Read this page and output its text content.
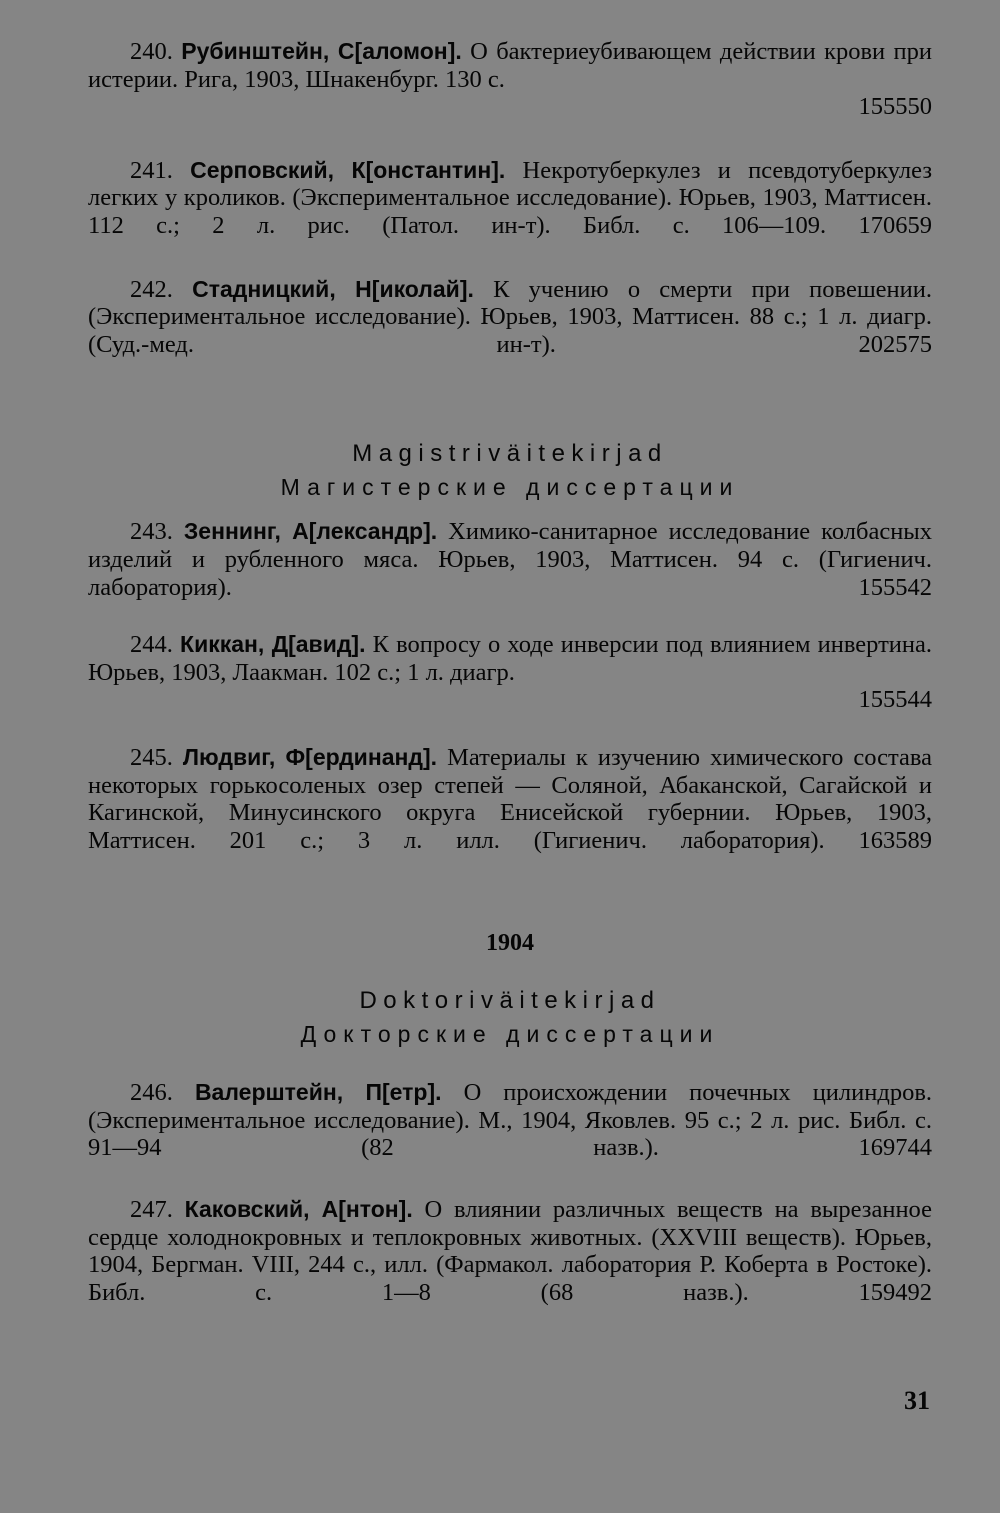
240. Рубинштейн, С[аломон]. О бактериеубивающем действии крови при истерии. Рига, 1903, Шнакенбург. 130 с.

155550

241. Серповский, К[онстантин]. Некротуберкулез и псевдотуберкулез легких у кроликов. (Экспериментальное исследование). Юрьев, 1903, Маттисен. 112 с.; 2 л. рис. (Патол. ин-т). Библ. с. 106—109. 170659

242. Стадницкий, Н[иколай]. К учению о смерти при повешении. (Экспериментальное исследование). Юрьев, 1903, Маттисен. 88 с.; 1 л. диагр. (Суд.-мед. ин-т).	202575

Magistriväitekirjad
Магистерские диссертации

243. Зеннинг, А[лександр]. Химико-санитарное исследование колбасных изделий и рубленного мяса. Юрьев, 1903, Маттисен. 94 с. (Гигиенич. лаборатория).	155542

244. Киккан, Д[авид]. К вопросу о ходе инверсии под влиянием инвертина. Юрьев, 1903, Лаакман. 102 с.; 1 л. диагр.

155544

245. Людвиг, Ф[ердинанд]. Материалы к изучению химического состава некоторых горькосоленых озер степей — Соляной, Абаканской, Сагайской и Кагинской, Минусинского округа Енисейской губернии. Юрьев, 1903, Маттисен. 201 с.; 3 л. илл. (Гигиенич. лаборатория). 163589

1904

Doktoriväitekirjad
Докторские диссертации

246. Валерштейн, П[етр]. О происхождении почечных цилиндров. (Экспериментальное исследование). М., 1904, Яковлев. 95 с.; 2 л. рис. Библ. с. 91—94 (82 назв.).	169744

247. Каковский, А[нтон]. О влиянии различных веществ на вырезанное сердце холоднокровных и теплокровных животных. (XXVIII веществ). Юрьев, 1904, Бергман. VIII, 244 с., илл. (Фармакол. лаборатория Р. Коберта в Ростоке). Библ. с. 1—8 (68 назв.).	159492

31
